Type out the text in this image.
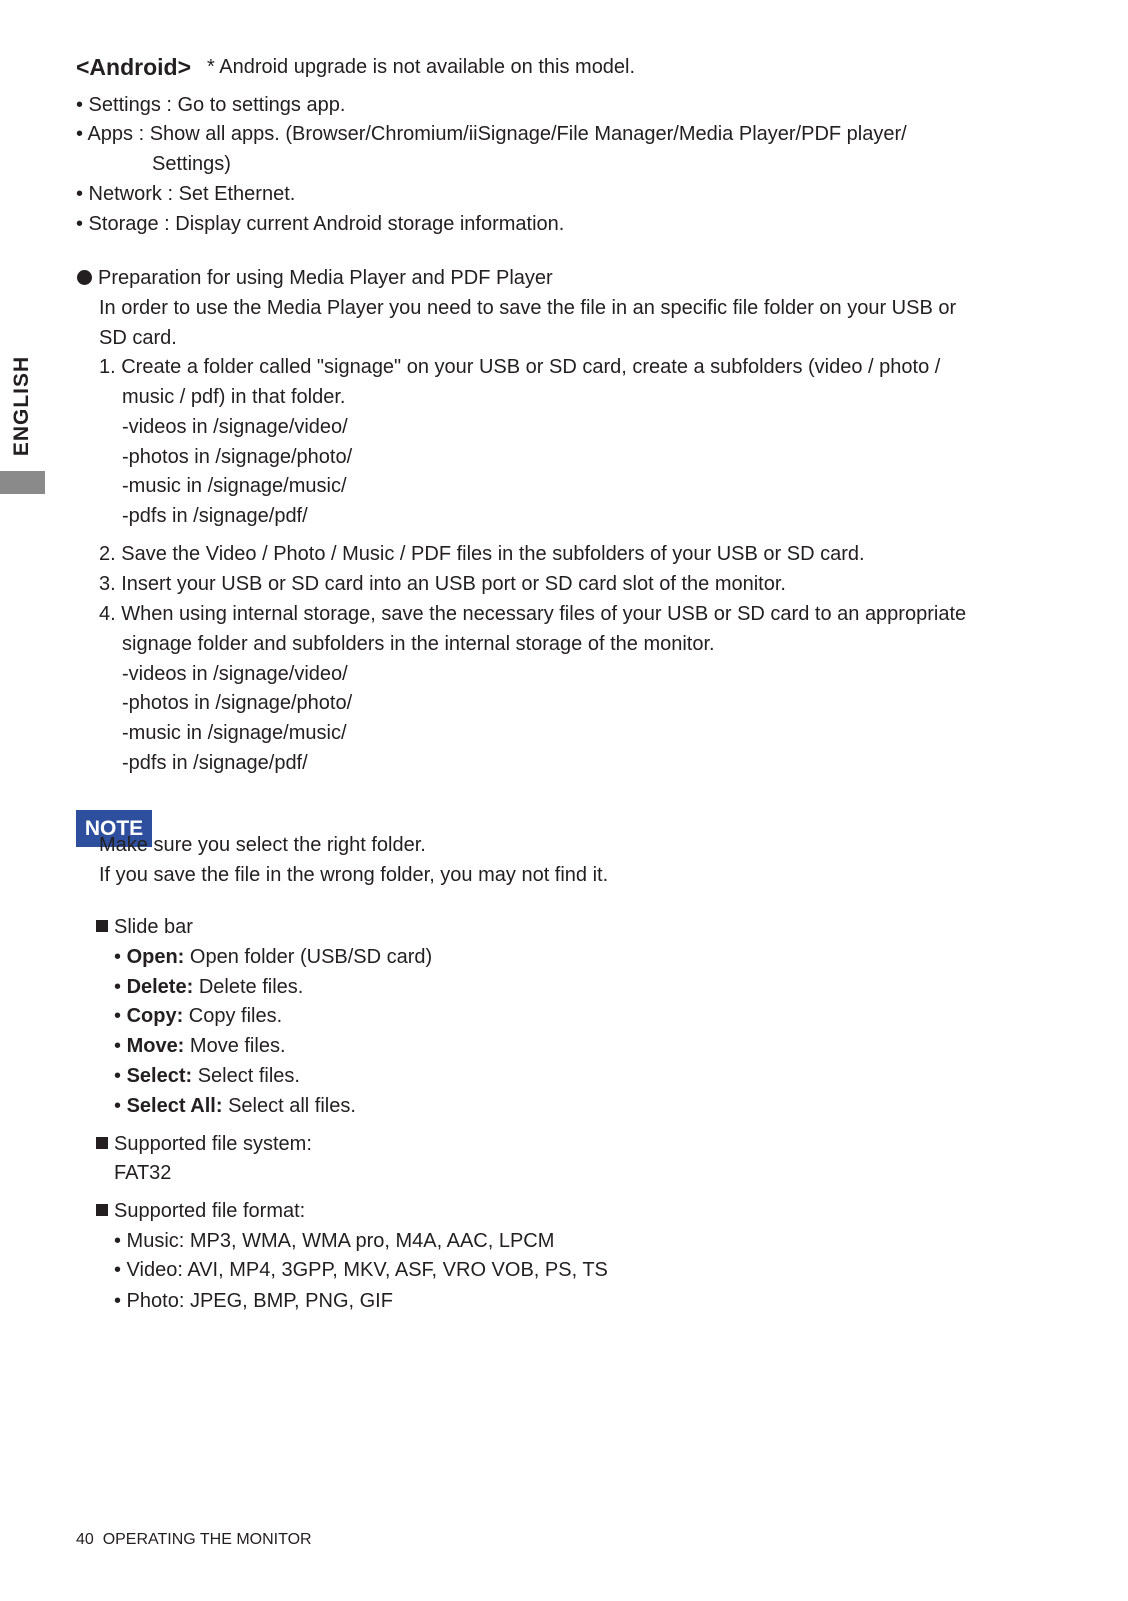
ENGLISH
<Android> * Android upgrade is not available on this model.
• Settings : Go to settings app.
• Apps : Show all apps. (Browser/Chromium/iiSignage/File Manager/Media Player/PDF player/
Settings)
• Network : Set Ethernet.
• Storage : Display current Android storage information.
Preparation for using Media Player and PDF Player
In order to use the Media Player you need to save the file in an specific file folder on your USB or
SD card.
1. Create a folder called "signage" on your USB or SD card, create a subfolders (video / photo /
music / pdf) in that folder.
-videos in /signage/video/
-photos in /signage/photo/
-music in /signage/music/
-pdfs in /signage/pdf/
2. Save the Video / Photo / Music / PDF files in the subfolders of your USB or SD card.
3. Insert your USB or SD card into an USB port or SD card slot of the monitor.
4. When using internal storage, save the necessary files of your USB or SD card to an appropriate
signage folder and subfolders in the internal storage of the monitor.
-videos in /signage/video/
-photos in /signage/photo/
-music in /signage/music/
-pdfs in /signage/pdf/
NOTE
Make sure you select the right folder.
If you save the file in the wrong folder, you may not find it.
Slide bar
• Open: Open folder (USB/SD card)
• Delete: Delete files.
• Copy: Copy files.
• Move: Move files.
• Select: Select files.
• Select All: Select all files.
Supported file system:
FAT32
Supported file format:
• Music: MP3, WMA, WMA pro, M4A, AAC, LPCM
• Video: AVI, MP4, 3GPP, MKV, ASF, VRO VOB, PS, TS
• Photo: JPEG, BMP, PNG, GIF
40 OPERATING THE MONITOR
